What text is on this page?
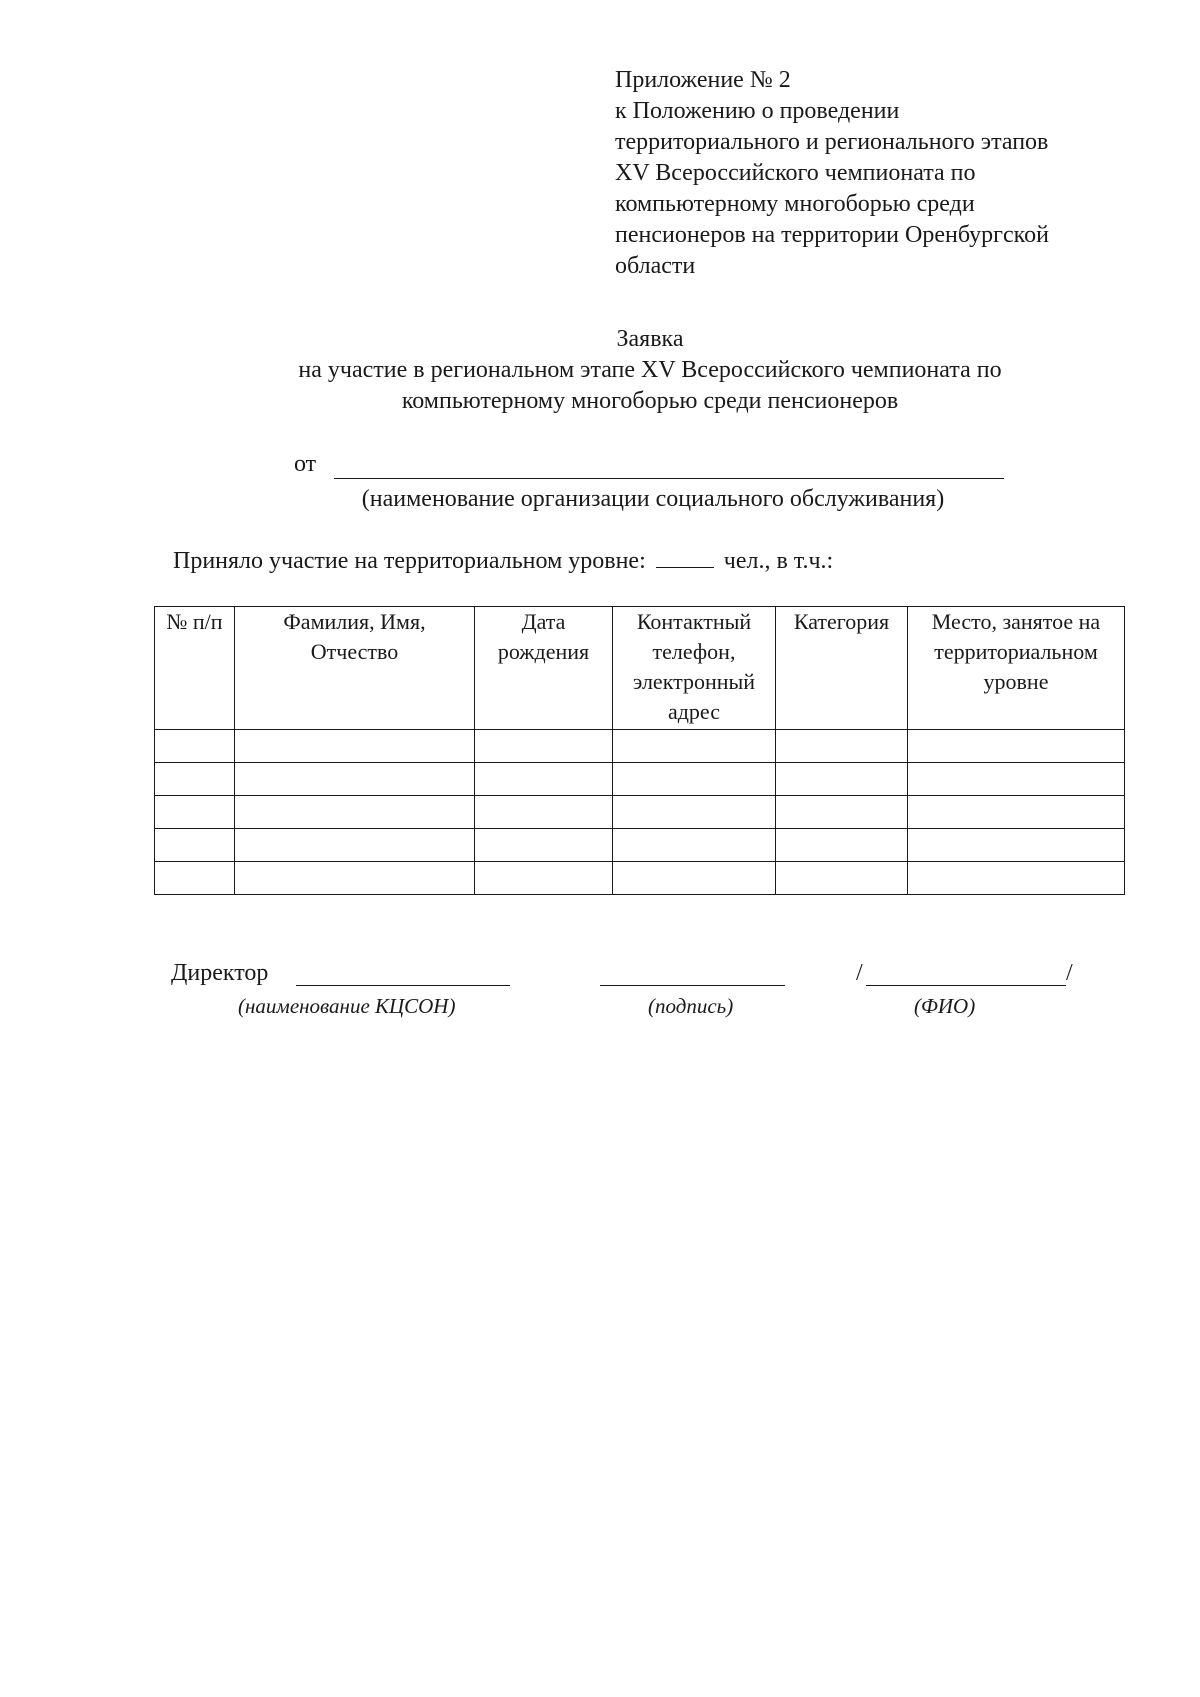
Приложение № 2
к Положению о проведении
территориального и регионального этапов
XV Всероссийского чемпионата по
компьютерному многоборью среди
пенсионеров на территории Оренбургской
области
Заявка
на участие в региональном этапе XV Всероссийского чемпионата по
компьютерному многоборью среди пенсионеров
от
(наименование организации социального обслуживания)
Приняло участие на территориальном уровне:	чел., в т.ч.:
№ п/п	Фамилия, Имя, Отчество	Дата рождения	Контактный телефон, электронный адрес	Категория	Место, занятое на территориальном уровне

Директор	/	/
(наименование КЦСОН)	(подпись)	(ФИО)
